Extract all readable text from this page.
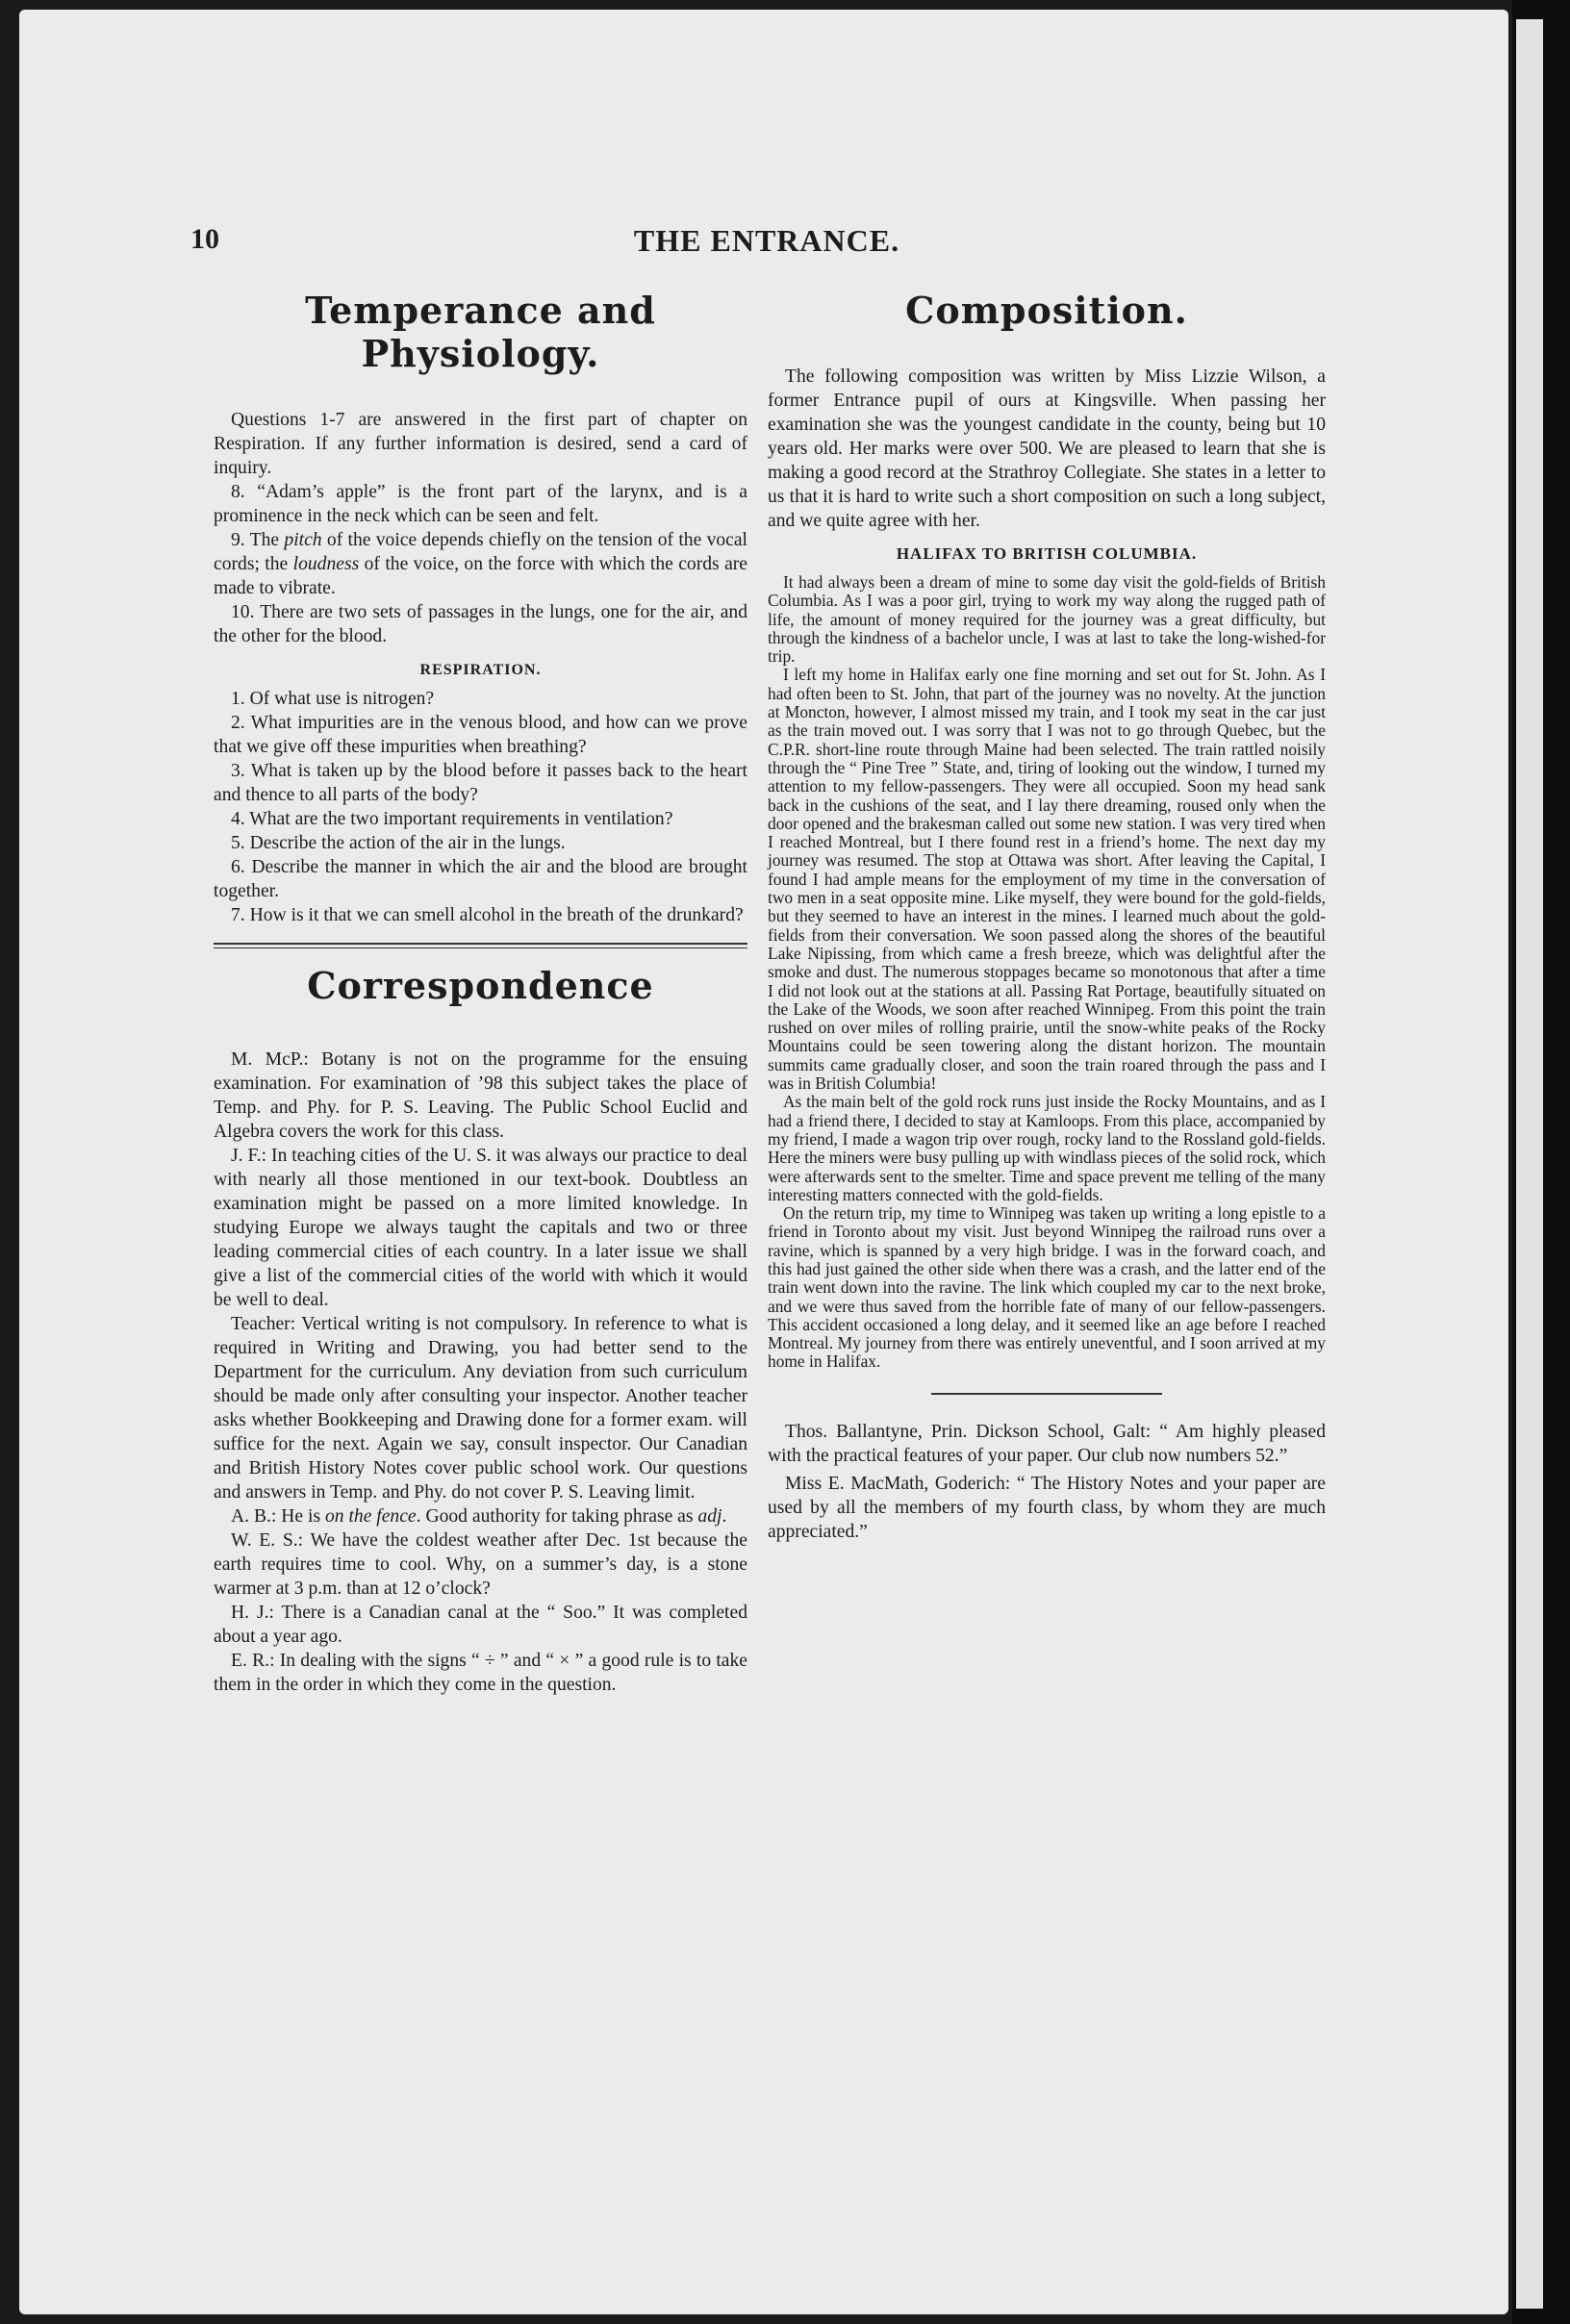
THE ENTRANCE.
10
Temperance and Physiology.

Questions 1-7 are answered in the first part of chapter on Respiration. If any further information is desired, send a card of inquiry.

8. “Adam’s apple” is the front part of the larynx, and is a prominence in the neck which can be seen and felt.

9. The pitch of the voice depends chiefly on the tension of the vocal cords; the loudness of the voice, on the force with which the cords are made to vibrate.

10. There are two sets of passages in the lungs, one for the air, and the other for the blood.

RESPIRATION.

1. Of what use is nitrogen?

2. What impurities are in the venous blood, and how can we prove that we give off these impurities when breathing?

3. What is taken up by the blood before it passes back to the heart and thence to all parts of the body?

4. What are the two important requirements in ventilation?

5. Describe the action of the air in the lungs.

6. Describe the manner in which the air and the blood are brought together.

7. How is it that we can smell alcohol in the breath of the drunkard?

Correspondence

M. McP.: Botany is not on the programme for the ensuing examination. For examination of ’98 this subject takes the place of Temp. and Phy. for P. S. Leaving. The Public School Euclid and Algebra covers the work for this class.

J. F.: In teaching cities of the U. S. it was always our practice to deal with nearly all those mentioned in our text-book. Doubtless an examination might be passed on a more limited knowledge. In studying Europe we always taught the capitals and two or three leading commercial cities of each country. In a later issue we shall give a list of the commercial cities of the world with which it would be well to deal.

Teacher: Vertical writing is not compulsory. In reference to what is required in Writing and Drawing, you had better send to the Department for the curriculum. Any deviation from such curriculum should be made only after consulting your inspector. Another teacher asks whether Bookkeeping and Drawing done for a former exam. will suffice for the next. Again we say, consult inspector. Our Canadian and British History Notes cover public school work. Our questions and answers in Temp. and Phy. do not cover P. S. Leaving limit.

A. B.: He is on the fence. Good authority for taking phrase as adj.

W. E. S.: We have the coldest weather after Dec. 1st because the earth requires time to cool. Why, on a summer’s day, is a stone warmer at 3 p.m. than at 12 o’clock?

H. J.: There is a Canadian canal at the “ Soo.” It was completed about a year ago.

E. R.: In dealing with the signs “ ÷ ” and “ × ” a good rule is to take them in the order in which they come in the question.

Composition.

The following composition was written by Miss Lizzie Wilson, a former Entrance pupil of ours at Kingsville. When passing her examination she was the youngest candidate in the county, being but 10 years old. Her marks were over 500. We are pleased to learn that she is making a good record at the Strathroy Collegiate. She states in a letter to us that it is hard to write such a short composition on such a long subject, and we quite agree with her.

HALIFAX TO BRITISH COLUMBIA.

It had always been a dream of mine to some day visit the gold-fields of British Columbia. As I was a poor girl, trying to work my way along the rugged path of life, the amount of money required for the journey was a great difficulty, but through the kindness of a bachelor uncle, I was at last to take the long-wished-for trip.

I left my home in Halifax early one fine morning and set out for St. John. As I had often been to St. John, that part of the journey was no novelty. At the junction at Moncton, however, I almost missed my train, and I took my seat in the car just as the train moved out. I was sorry that I was not to go through Quebec, but the C.P.R. short-line route through Maine had been selected. The train rattled noisily through the “ Pine Tree ” State, and, tiring of looking out the window, I turned my attention to my fellow-passengers. They were all occupied. Soon my head sank back in the cushions of the seat, and I lay there dreaming, roused only when the door opened and the brakesman called out some new station. I was very tired when I reached Montreal, but I there found rest in a friend’s home. The next day my journey was resumed. The stop at Ottawa was short. After leaving the Capital, I found I had ample means for the employment of my time in the conversation of two men in a seat opposite mine. Like myself, they were bound for the gold-fields, but they seemed to have an interest in the mines. I learned much about the gold-fields from their conversation. We soon passed along the shores of the beautiful Lake Nipissing, from which came a fresh breeze, which was delightful after the smoke and dust. The numerous stoppages became so monotonous that after a time I did not look out at the stations at all. Passing Rat Portage, beautifully situated on the Lake of the Woods, we soon after reached Winnipeg. From this point the train rushed on over miles of rolling prairie, until the snow-white peaks of the Rocky Mountains could be seen towering along the distant horizon. The mountain summits came gradually closer, and soon the train roared through the pass and I was in British Columbia!

As the main belt of the gold rock runs just inside the Rocky Mountains, and as I had a friend there, I decided to stay at Kamloops. From this place, accompanied by my friend, I made a wagon trip over rough, rocky land to the Rossland gold-fields. Here the miners were busy pulling up with windlass pieces of the solid rock, which were afterwards sent to the smelter. Time and space prevent me telling of the many interesting matters connected with the gold-fields.

On the return trip, my time to Winnipeg was taken up writing a long epistle to a friend in Toronto about my visit. Just beyond Winnipeg the railroad runs over a ravine, which is spanned by a very high bridge. I was in the forward coach, and this had just gained the other side when there was a crash, and the latter end of the train went down into the ravine. The link which coupled my car to the next broke, and we were thus saved from the horrible fate of many of our fellow-passengers. This accident occasioned a long delay, and it seemed like an age before I reached Montreal. My journey from there was entirely uneventful, and I soon arrived at my home in Halifax.

Thos. Ballantyne, Prin. Dickson School, Galt: “ Am highly pleased with the practical features of your paper. Our club now numbers 52.”

Miss E. MacMath, Goderich: “ The History Notes and your paper are used by all the members of my fourth class, by whom they are much appreciated.”
